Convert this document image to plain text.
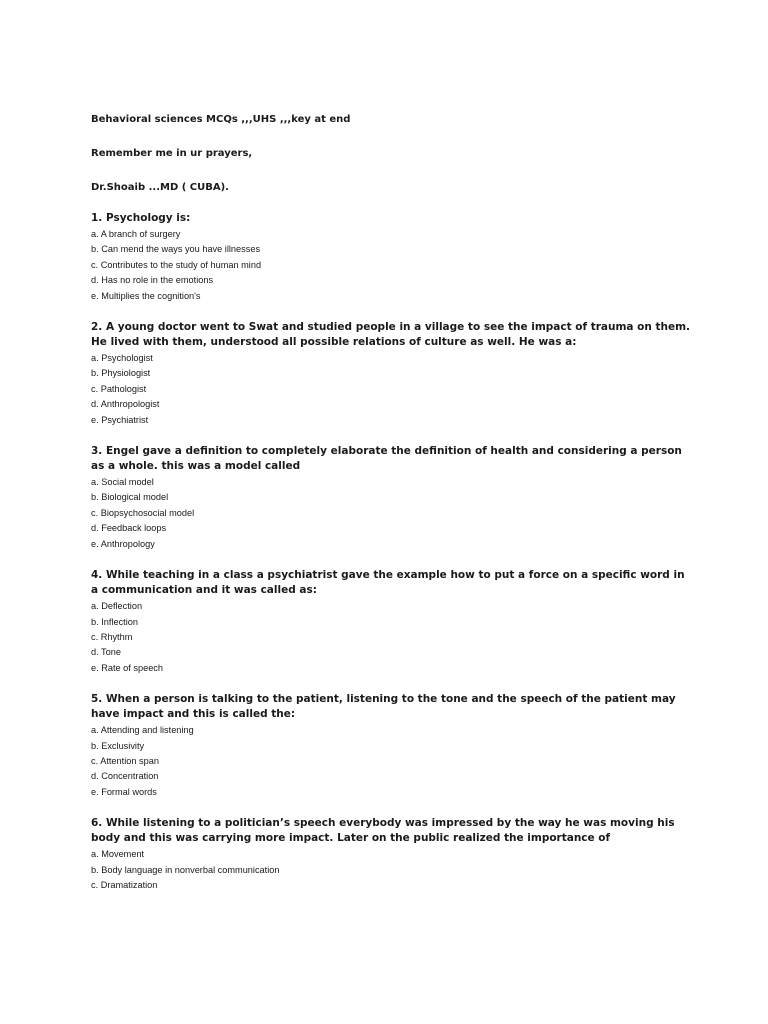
Behavioral sciences MCQs ,,,UHS ,,,key at end

Remember me in ur prayers,

Dr.Shoaib ...MD ( CUBA).

1. Psychology is:

a. A branch of surgery

b. Can mend the ways you have illnesses

c. Contributes to the study of human mind

d. Has no role in the emotions

e. Multiplies the cognition's

2. A young doctor went to Swat and studied people in a village to see the impact of trauma on them. He lived with them, understood all possible relations of culture as well. He was a:

a. Psychologist

b. Physiologist

c. Pathologist

d. Anthropologist

e. Psychiatrist

3. Engel gave a definition to completely elaborate the definition of health and considering a person as a whole. this was a model called

a. Social model

b. Biological model

c. Biopsychosocial model

d. Feedback loops

e. Anthropology

4. While teaching in a class a psychiatrist gave the example how to put a force on a specific word in a communication and it was called as:

a. Deflection

b. Inflection

c. Rhythm

d. Tone

e. Rate of speech

5. When a person is talking to the patient, listening to the tone and the speech of the patient may have impact and this is called the:

a. Attending and listening

b. Exclusivity

c. Attention span

d. Concentration

e. Formal words

6. While listening to a politician’s speech everybody was impressed by the way he was moving his body and this was carrying more impact. Later on the public realized the importance of

a. Movement

b. Body language in nonverbal communication

c. Dramatization
